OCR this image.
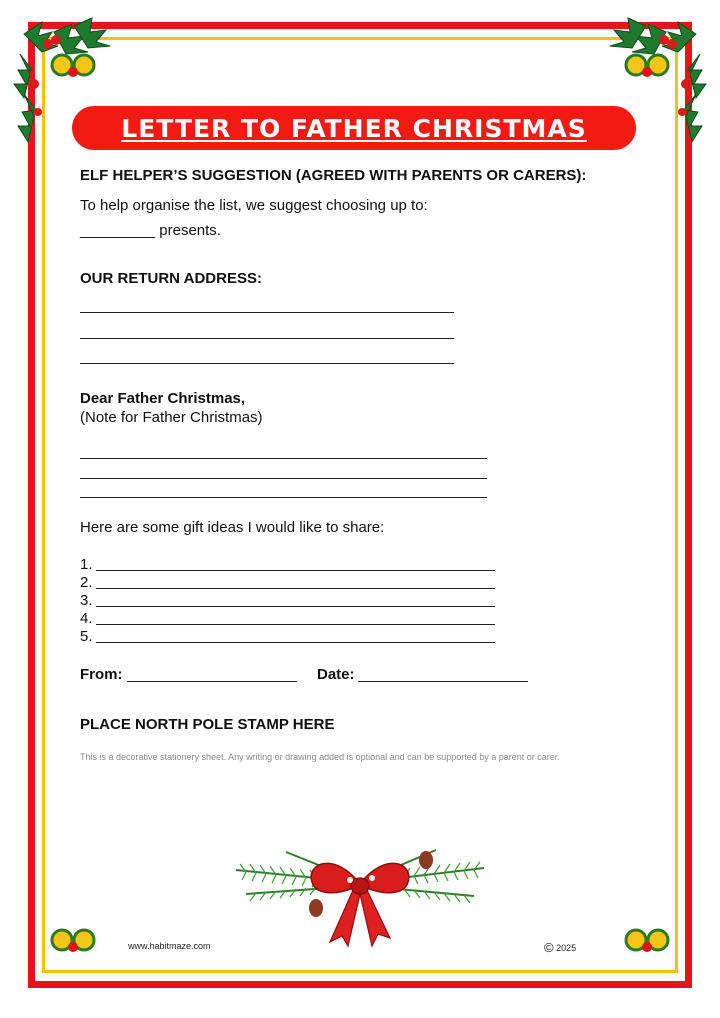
LETTER TO FATHER CHRISTMAS
ELF HELPER’S SUGGESTION (AGREED WITH PARENTS OR CARERS):
To help organise the list, we suggest choosing up to:
_________ presents.
OUR RETURN ADDRESS:
Dear Father Christmas,
(Note for Father Christmas)
Here are some gift ideas I would like to share:
1.
2.
3.
4.
5.
From:	Date:
PLACE NORTH POLE STAMP HERE
This is a decorative stationery sheet. Any writing or drawing added is optional and can be supported by a parent or carer.
www.habitmaze.com	© 2025
